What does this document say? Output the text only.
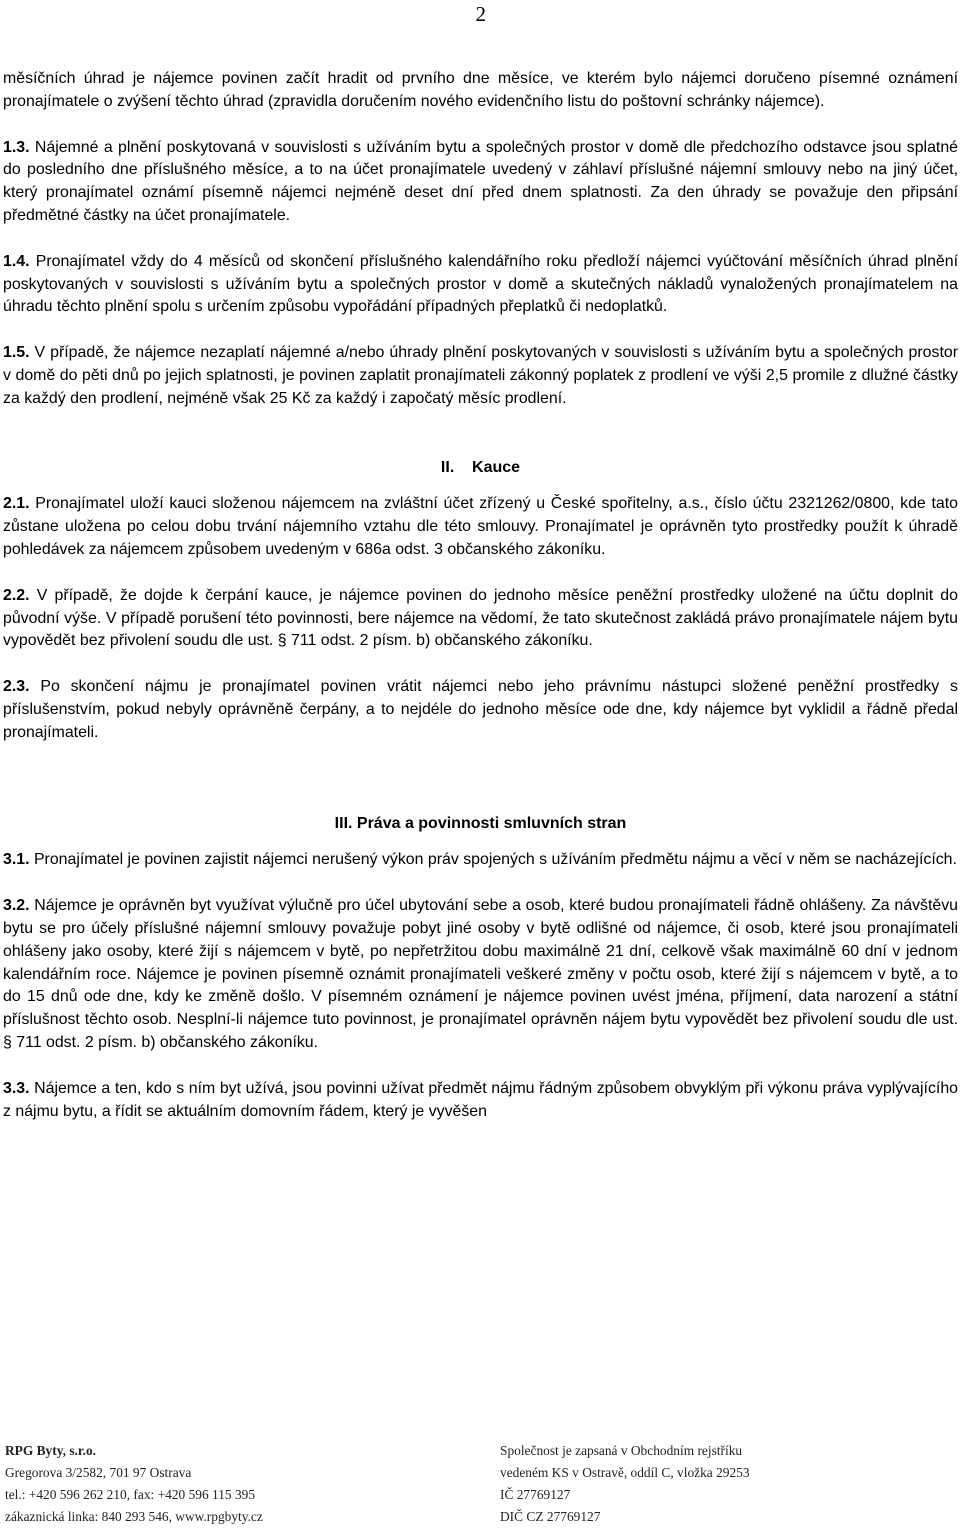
2

měsíčních úhrad je nájemce povinen začít hradit od prvního dne měsíce, ve kterém bylo nájemci doručeno písemné oznámení pronajímatele o zvýšení těchto úhrad (zpravidla doručením nového evidenčního listu do poštovní schránky nájemce).

1.3. Nájemné a plnění poskytovaná v souvislosti s užíváním bytu a společných prostor v domě dle předchozího odstavce jsou splatné do posledního dne příslušného měsíce, a to na účet pronajímatele uvedený v záhlaví příslušné nájemní smlouvy nebo na jiný účet, který pronajímatel oznámí písemně nájemci nejméně deset dní před dnem splatnosti. Za den úhrady se považuje den připsání předmětné částky na účet pronajímatele.

1.4. Pronajímatel vždy do 4 měsíců od skončení příslušného kalendářního roku předloží nájemci vyúčtování měsíčních úhrad plnění poskytovaných v souvislosti s užíváním bytu a společných prostor v domě a skutečných nákladů vynaložených pronajímatelem na úhradu těchto plnění spolu s určením způsobu vypořádání případných přeplatků či nedoplatků.

1.5. V případě, že nájemce nezaplatí nájemné a/nebo úhrady plnění poskytovaných v souvislosti s užíváním bytu a společných prostor v domě do pěti dnů po jejich splatnosti, je povinen zaplatit pronajímateli zákonný poplatek z prodlení ve výši 2,5 promile z dlužné částky za každý den prodlení, nejméně však 25 Kč za každý i započatý měsíc prodlení.

II.    Kauce

2.1. Pronajímatel uloží kauci složenou nájemcem na zvláštní účet zřízený u České spořitelny, a.s., číslo účtu 2321262/0800, kde tato zůstane uložena po celou dobu trvání nájemního vztahu dle této smlouvy. Pronajímatel je oprávněn tyto prostředky použít k úhradě pohledávek za nájemcem způsobem uvedeným v 686a odst. 3 občanského zákoníku.

2.2. V případě, že dojde k čerpání kauce, je nájemce povinen do jednoho měsíce peněžní prostředky uložené na účtu doplnit do původní výše. V případě porušení této povinnosti, bere nájemce na vědomí, že tato skutečnost zakládá právo pronajímatele nájem bytu vypovědět bez přivolení soudu dle ust. § 711 odst. 2 písm. b) občanského zákoníku.

2.3. Po skončení nájmu je pronajímatel povinen vrátit nájemci nebo jeho právnímu nástupci složené peněžní prostředky s příslušenstvím, pokud nebyly oprávněně čerpány, a to nejdéle do jednoho měsíce ode dne, kdy nájemce byt vyklidil a řádně předal pronajímateli.

III. Práva a povinnosti smluvních stran

3.1. Pronajímatel je povinen zajistit nájemci nerušený výkon práv spojených s užíváním předmětu nájmu a věcí v něm se nacházejících.

3.2. Nájemce je oprávněn byt využívat výlučně pro účel ubytování sebe a osob, které budou pronajímateli řádně ohlášeny. Za návštěvu bytu se pro účely příslušné nájemní smlouvy považuje pobyt jiné osoby v bytě odlišné od nájemce, či osob, které jsou pronajímateli ohlášeny jako osoby, které žijí s nájemcem v bytě, po nepřetržitou dobu maximálně 21 dní, celkově však maximálně 60 dní v jednom kalendářním roce. Nájemce je povinen písemně oznámit pronajímateli veškeré změny v počtu osob, které žijí s nájemcem v bytě, a to do 15 dnů ode dne, kdy ke změně došlo. V písemném oznámení je nájemce povinen uvést jména, příjmení, data narození a státní příslušnost těchto osob. Nesplní-li nájemce tuto povinnost, je pronajímatel oprávněn nájem bytu vypovědět bez přivolení soudu dle ust. § 711 odst. 2 písm. b) občanského zákoníku.

3.3. Nájemce a ten, kdo s ním byt užívá, jsou povinni užívat předmět nájmu řádným způsobem obvyklým při výkonu práva vyplývajícího z nájmu bytu, a řídit se aktuálním domovním řádem, který je vyvěšen

RPG Byty, s.r.o.
Gregorova 3/2582, 701 97 Ostrava
tel.: +420 596 262 210, fax: +420 596 115 395
zákaznická linka: 840 293 546, www.rpgbyty.cz
Společnost je zapsaná v Obchodním rejstříku
vedeném KS v Ostravě, oddíl C, vložka 29253
IČ 27769127
DIČ CZ 27769127
